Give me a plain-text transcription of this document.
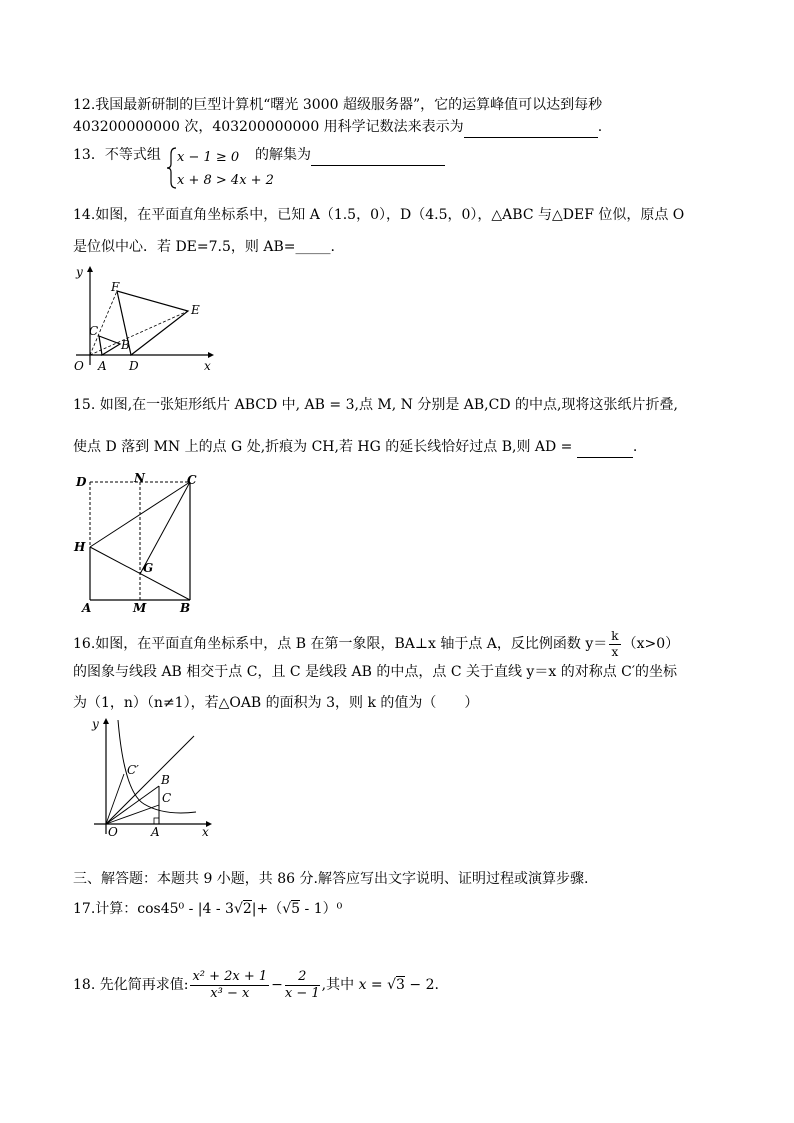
12.我国最新研制的巨型计算机“曙光 3000 超级服务器”，它的运算峰值可以达到每秒
403200000000 次，403200000000 用科学记数法来表示为	.
13．不等式组 x − 1 ≥ 0
x + 8 > 4x + 2
的解集为
14.如图，在平面直角坐标系中，已知 A（1.5，0），D（4.5，0），△ABC 与△DEF 位似，原点 O
是位似中心．若 DE=7.5，则 AB=_____.
y
x
O A
B
C
D
E
F
15. 如图,在一张矩形纸片 ABCD 中, AB = 3,点 M, N 分别是 AB,CD 的中点,现将这张纸片折叠,
使点 D 落到 MN 上的点 G 处,折痕为 CH,若 HG 的延长线恰好过点 B,则 AD =	.
D	N	C
H
G
A	M	B
16.如图，在平面直角坐标系中，点 B 在第一象限，BA⊥x 轴于点 A，反比例函数 $y= \frac{k}{x} (x>0)$
的图象与线段 AB 相交于点 C，且 C 是线段 AB 的中点，点 C 关于直线 y＝x 的对称点 C′的坐标
为（1，n）（n≠1），若△OAB 的面积为 3，则 k 的值为（　　）
y
x
O	A
B
C
C′
三、解答题：本题共 9 小题，共 86 分.解答应写出文字说明、证明过程或演算步骤.
17.计算：cos45⁰ - |4 - 3√2|+（√5 - 1）⁰
18. 先化简再求值: $\frac{\text{x² + 2x + 1}}{\text{x³ − x}} - \frac{2}{x - 1}$ ,其中 x = √3 − 2.
